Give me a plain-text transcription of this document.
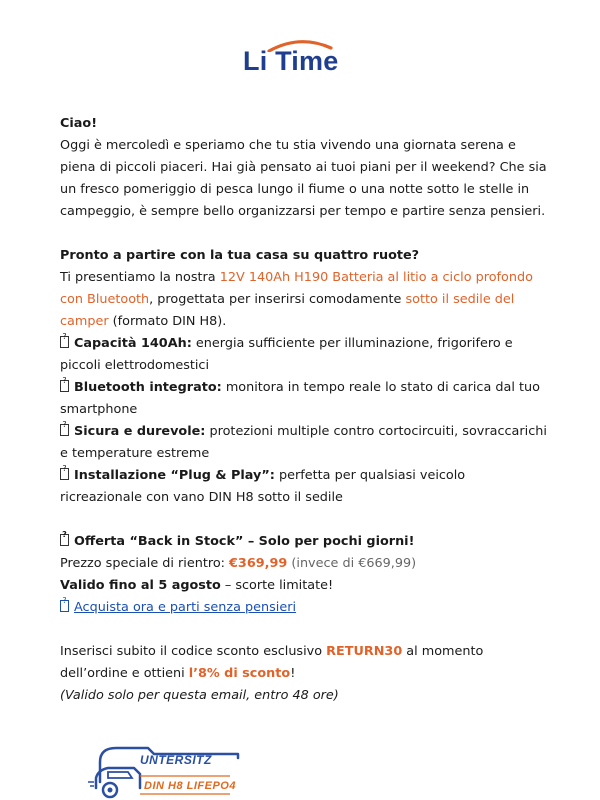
Li Time

Ciao!

Oggi è mercoledì e speriamo che tu stia vivendo una giornata serena e piena di piccoli piaceri. Hai già pensato ai tuoi piani per il weekend? Che sia un fresco pomeriggio di pesca lungo il fiume o una notte sotto le stelle in campeggio, è sempre bello organizzarsi per tempo e partire senza pensieri.

Pronto a partire con la tua casa su quattro ruote?

Ti presentiamo la nostra 12V 140Ah H190 Batteria al litio a ciclo profondo con Bluetooth, progettata per inserirsi comodamente sotto il sedile del camper (formato DIN H8).

?Capacità 140Ah: energia sufficiente per illuminazione, frigorifero e piccoli elettrodomestici

?Bluetooth integrato: monitora in tempo reale lo stato di carica dal tuo smartphone

?Sicura e durevole: protezioni multiple contro cortocircuiti, sovraccarichi e temperature estreme

?Installazione “Plug & Play”: perfetta per qualsiasi veicolo ricreazionale con vano DIN H8 sotto il sedile

?Offerta “Back in Stock” – Solo per pochi giorni!

Prezzo speciale di rientro: €369,99 (invece di €669,99)

Valido fino al 5 agosto – scorte limitate!

?Acquista ora e parti senza pensieri

Inserisci subito il codice sconto esclusivo RETURN30 al momento dell’ordine e ottieni l’8% di sconto!

(Valido solo per questa email, entro 48 ore)

UNTERSITZ
DIN H8 LIFEPO4
